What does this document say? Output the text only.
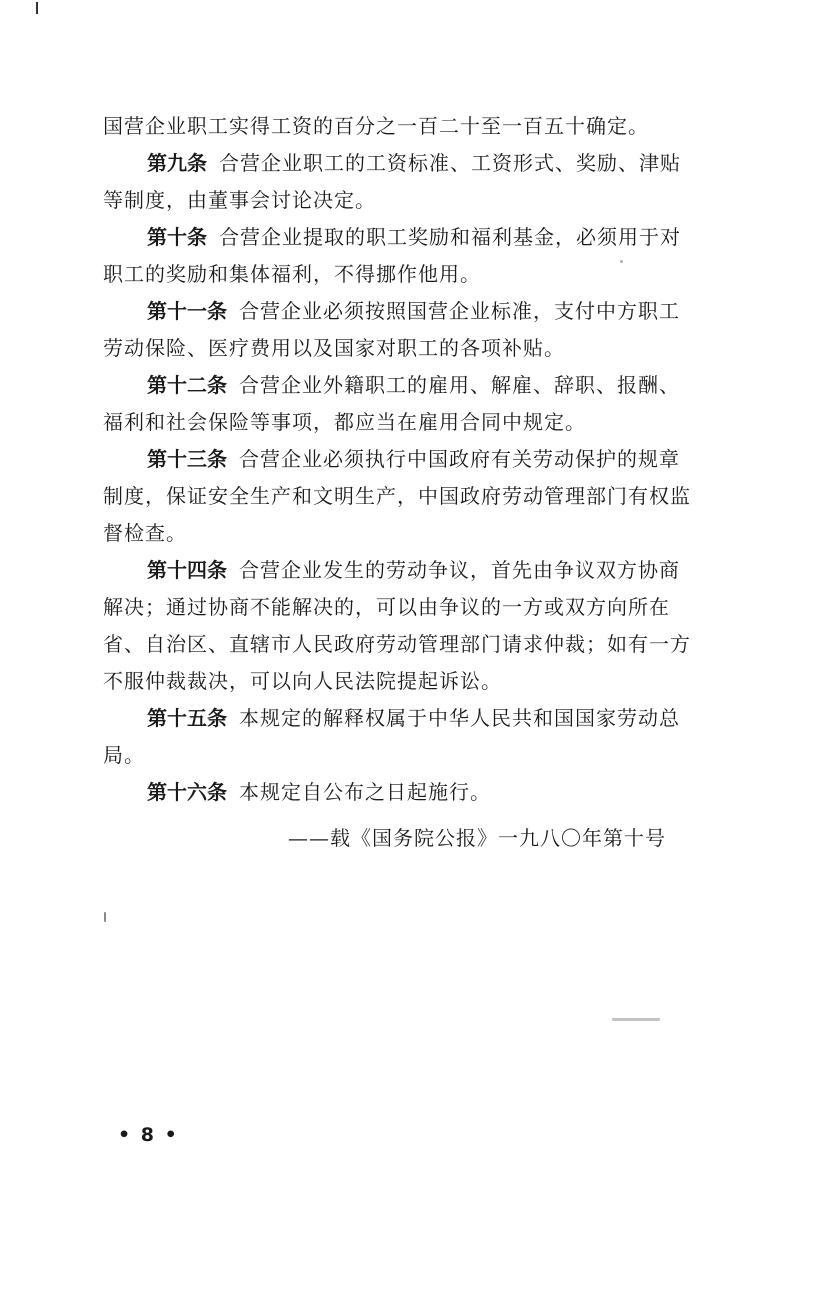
国营企业职工实得工资的百分之一百二十至一百五十确定。
第九条 合营企业职工的工资标准、工资形式、奖励、津贴
等制度，由董事会讨论决定。
第十条 合营企业提取的职工奖励和福利基金，必须用于对
职工的奖励和集体福利，不得挪作他用。
第十一条 合营企业必须按照国营企业标准，支付中方职工
劳动保险、医疗费用以及国家对职工的各项补贴。
第十二条 合营企业外籍职工的雇用、解雇、辞职、报酬、
福利和社会保险等事项，都应当在雇用合同中规定。
第十三条 合营企业必须执行中国政府有关劳动保护的规章
制度，保证安全生产和文明生产，中国政府劳动管理部门有权监
督检查。
第十四条 合营企业发生的劳动争议，首先由争议双方协商
解决；通过协商不能解决的，可以由争议的一方或双方向所在
省、自治区、直辖市人民政府劳动管理部门请求仲裁；如有一方
不服仲裁裁决，可以向人民法院提起诉讼。
第十五条 本规定的解释权属于中华人民共和国国家劳动总
局。
第十六条 本规定自公布之日起施行。
——载《国务院公报》一九八〇年第十号
• 8 •
